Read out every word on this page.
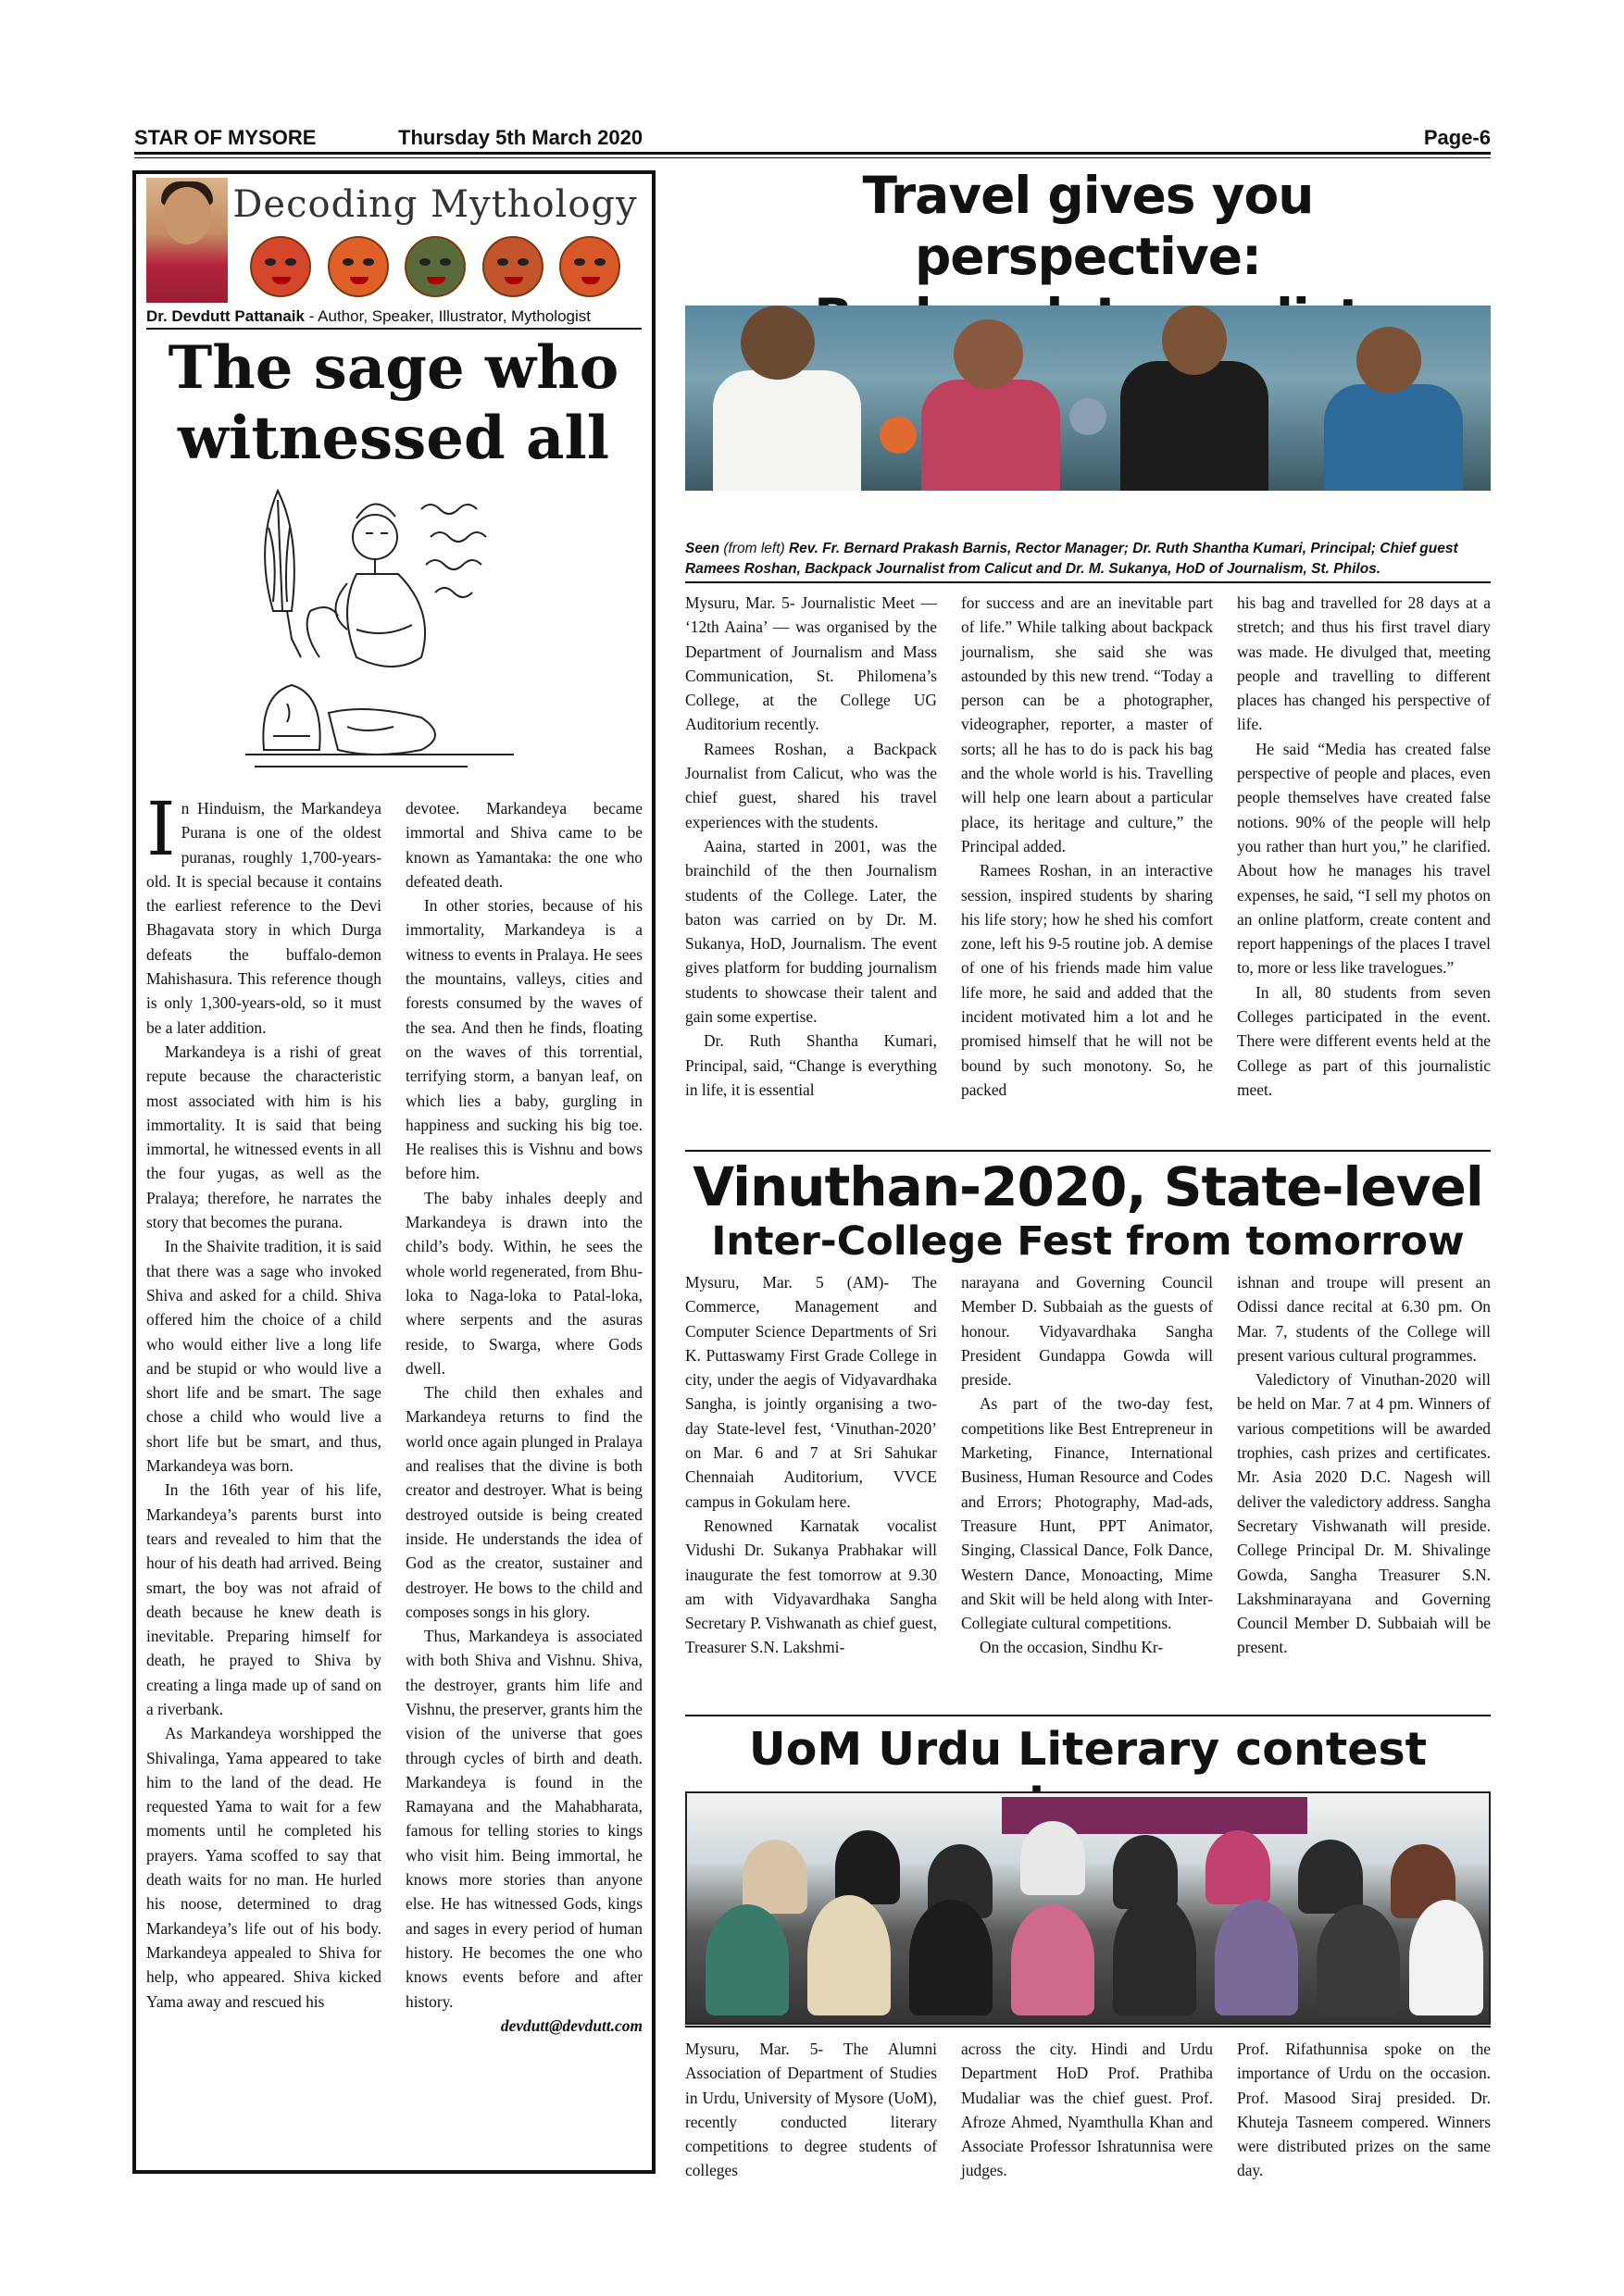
STAR OF MYSORE	Thursday 5th March 2020	Page-6
Decoding Mythology
Dr. Devdutt Pattanaik - Author, Speaker, Illustrator, Mythologist
The sage who
witnessed all

In Hinduism, the Markandeya Purana is one of the oldest puranas, roughly 1,700-years- old. It is special because it contains the earliest reference to the Devi Bhagavata story in which Durga defeats the buffalo-demon Mahishasura. This reference though is only 1,300-years-old, so it must be a later addition.

Markandeya is a rishi of great repute because the characteristic most associated with him is his immortality. It is said that being immortal, he witnessed events in all the four yugas, as well as the Pralaya; therefore, he narrates the story that becomes the purana.

In the Shaivite tradition, it is said that there was a sage who invoked Shiva and asked for a child. Shiva offered him the choice of a child who would either live a long life and be stupid or who would live a short life and be smart. The sage chose a child who would live a short life but be smart, and thus, Markandeya was born.

In the 16th year of his life, Markandeya’s parents burst into tears and revealed to him that the hour of his death had arrived. Being smart, the boy was not afraid of death because he knew death is inevitable. Preparing himself for death, he prayed to Shiva by creating a linga made up of sand on a riverbank.

As Markandeya worshipped the Shivalinga, Yama appeared to take him to the land of the dead. He requested Yama to wait for a few moments until he completed his prayers. Yama scoffed to say that death waits for no man. He hurled his noose, determined to drag Markandeya’s life out of his body. Markandeya appealed to Shiva for help, who appeared. Shiva kicked Yama away and rescued his

devotee. Markandeya became immortal and Shiva came to be known as Yamantaka: the one who defeated death.

In other stories, because of his immortality, Markandeya is a witness to events in Pralaya. He sees the mountains, valleys, cities and forests consumed by the waves of the sea. And then he finds, floating on the waves of this torrential, terrifying storm, a banyan leaf, on which lies a baby, gurgling in happiness and sucking his big toe. He realises this is Vishnu and bows before him.

The baby inhales deeply and Markandeya is drawn into the child’s body. Within, he sees the whole world regenerated, from Bhu-loka to Naga-loka to Patal-loka, where serpents and the asuras reside, to Swarga, where Gods dwell.

The child then exhales and Markandeya returns to find the world once again plunged in Pralaya and realises that the divine is both creator and destroyer. What is being destroyed outside is being created inside. He understands the idea of God as the creator, sustainer and destroyer. He bows to the child and composes songs in his glory.

Thus, Markandeya is associated with both Shiva and Vishnu. Shiva, the destroyer, grants him life and Vishnu, the preserver, grants him the vision of the universe that goes through cycles of birth and death. Markandeya is found in the Ramayana and the Mahabharata, famous for telling stories to kings who visit him. Being immortal, he knows more stories than anyone else. He has witnessed Gods, kings and sages in every period of human history. He becomes the one who knows events before and after history.

devdutt@devdutt.com

Travel gives you perspective:
Seen (from left) Rev. Fr. Bernard Prakash Barnis, Rector Manager; Dr. Ruth Shantha Kumari, Principal; Chief guest Ramees Roshan, Backpack Journalist from Calicut and Dr. M. Sukanya, HoD of Journalism, St. Philos.

Mysuru, Mar. 5- Journalistic Meet — ‘12th Aaina’ — was organised by the Department of Journalism and Mass Communication, St. Philomena’s College, at the College UG Auditorium recently.

Ramees Roshan, a Backpack Journalist from Calicut, who was the chief guest, shared his travel experiences with the students.

Aaina, started in 2001, was the brainchild of the then Journalism students of the College. Later, the baton was carried on by Dr. M. Sukanya, HoD, Journalism. The event gives platform for budding journalism students to showcase their talent and gain some expertise.

Dr. Ruth Shantha Kumari, Principal, said, “Change is everything in life, it is essential

for success and are an inevitable part of life.” While talking about backpack journalism, she said she was astounded by this new trend. “Today a person can be a photographer, videographer, reporter, a master of sorts; all he has to do is pack his bag and the whole world is his. Travelling will help one learn about a particular place, its heritage and culture,” the Principal added.

Ramees Roshan, in an interactive session, inspired students by sharing his life story; how he shed his comfort zone, left his 9-5 routine job. A demise of one of his friends made him value life more, he said and added that the incident motivated him a lot and he promised himself that he will not be bound by such monotony. So, he packed

his bag and travelled for 28 days at a stretch; and thus his first travel diary was made. He divulged that, meeting people and travelling to different places has changed his perspective of life.

He said “Media has created false perspective of people and places, even people themselves have created false notions. 90% of the people will help you rather than hurt you,” he clarified. About how he manages his travel expenses, he said, “I sell my photos on an online platform, create content and report happenings of the places I travel to, more or less like travelogues.”

In all, 80 students from seven Colleges participated in the event. There were different events held at the College as part of this journalistic meet.

Vinuthan-2020, State-level
Inter-College Fest from tomorrow

Mysuru, Mar. 5 (AM)- The Commerce, Management and Computer Science Departments of Sri K. Puttaswamy First Grade College in city, under the aegis of Vidyavardhaka Sangha, is jointly organising a two-day State-level fest, ‘Vinuthan-2020’ on Mar. 6 and 7 at Sri Sahukar Chennaiah Auditorium, VVCE campus in Gokulam here.

Renowned Karnatak vocalist Vidushi Dr. Sukanya Prabhakar will inaugurate the fest tomorrow at 9.30 am with Vidyavardhaka Sangha Secretary P. Vishwanath as chief guest, Treasurer S.N. Lakshmi-

narayana and Governing Council Member D. Subbaiah as the guests of honour. Vidyavardhaka Sangha President Gundappa Gowda will preside.

As part of the two-day fest, competitions like Best Entrepreneur in Marketing, Finance, International Business, Human Resource and Codes and Errors; Photography, Mad-ads, Treasure Hunt, PPT Animator, Singing, Classical Dance, Folk Dance, Western Dance, Monoacting, Mime and Skit will be held along with Inter-Collegiate cultural competitions.

On the occasion, Sindhu Kr-

ishnan and troupe will present an Odissi dance recital at 6.30 pm. On Mar. 7, students of the College will present various cultural programmes.

Valedictory of Vinuthan-2020 will be held on Mar. 7 at 4 pm. Winners of various competitions will be awarded trophies, cash prizes and certificates. Mr. Asia 2020 D.C. Nagesh will deliver the valedictory address. Sangha Secretary Vishwanath will preside. College Principal Dr. M. Shivalinge Gowda, Sangha Treasurer S.N. Lakshminarayana and Governing Council Member D. Subbaiah will be present.

UoM Urdu Literary contest

Mysuru, Mar. 5- The Alumni Association of Department of Studies in Urdu, University of Mysore (UoM), recently conducted literary competitions to degree students of colleges

across the city. Hindi and Urdu Department HoD Prof. Prathiba Mudaliar was the chief guest. Prof. Afroze Ahmed, Nyamthulla Khan and Associate Professor Ishratunnisa were judges.

Prof. Rifathunnisa spoke on the importance of Urdu on the occasion. Prof. Masood Siraj presided. Dr. Khuteja Tasneem compered. Winners were distributed prizes on the same day.
